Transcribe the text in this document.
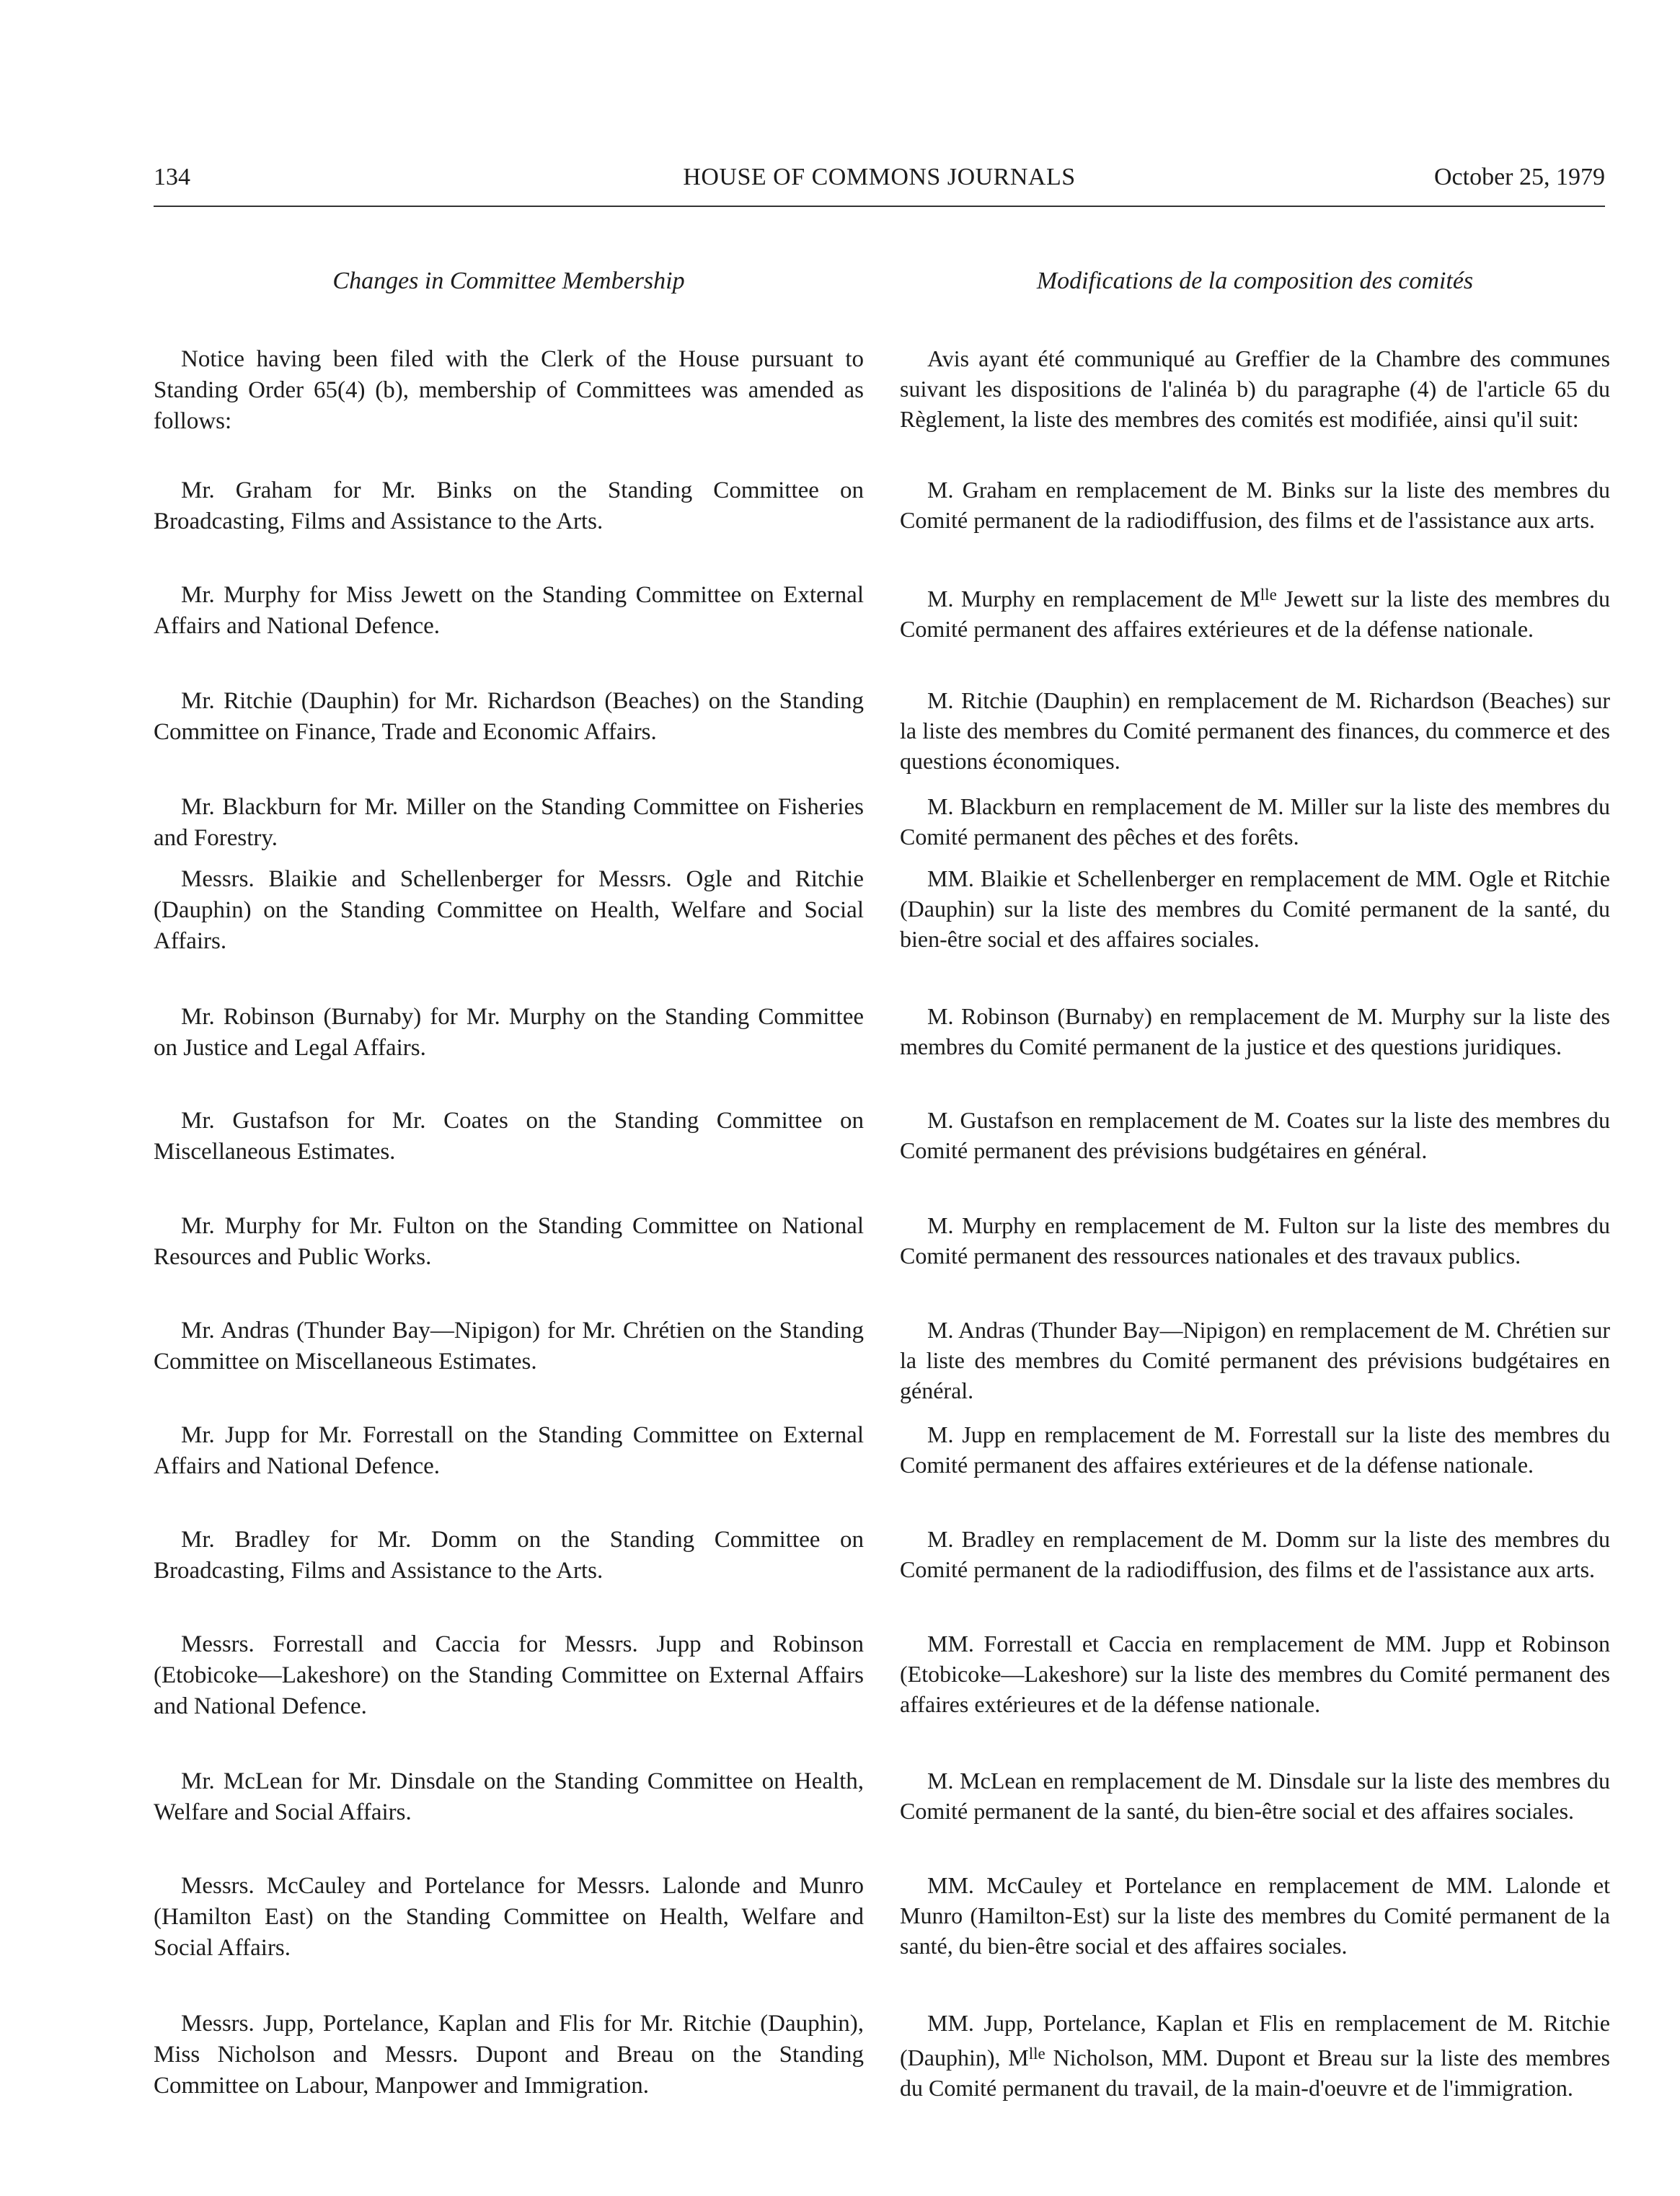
134	HOUSE OF COMMONS JOURNALS	October 25, 1979

Changes in Committee Membership

Notice having been filed with the Clerk of the House pursuant to Standing Order 65(4) (b), membership of Committees was amended as follows:

Mr. Graham for Mr. Binks on the Standing Committee on Broadcasting, Films and Assistance to the Arts.

Mr. Murphy for Miss Jewett on the Standing Committee on External Affairs and National Defence.

Mr. Ritchie (Dauphin) for Mr. Richardson (Beaches) on the Standing Committee on Finance, Trade and Economic Affairs.

Mr. Blackburn for Mr. Miller on the Standing Committee on Fisheries and Forestry.

Messrs. Blaikie and Schellenberger for Messrs. Ogle and Ritchie (Dauphin) on the Standing Committee on Health, Welfare and Social Affairs.

Mr. Robinson (Burnaby) for Mr. Murphy on the Standing Committee on Justice and Legal Affairs.

Mr. Gustafson for Mr. Coates on the Standing Committee on Miscellaneous Estimates.

Mr. Murphy for Mr. Fulton on the Standing Committee on National Resources and Public Works.

Mr. Andras (Thunder Bay—Nipigon) for Mr. Chrétien on the Standing Committee on Miscellaneous Estimates.

Mr. Jupp for Mr. Forrestall on the Standing Committee on External Affairs and National Defence.

Mr. Bradley for Mr. Domm on the Standing Committee on Broadcasting, Films and Assistance to the Arts.

Messrs. Forrestall and Caccia for Messrs. Jupp and Robinson (Etobicoke—Lakeshore) on the Standing Committee on External Affairs and National Defence.

Mr. McLean for Mr. Dinsdale on the Standing Committee on Health, Welfare and Social Affairs.

Messrs. McCauley and Portelance for Messrs. Lalonde and Munro (Hamilton East) on the Standing Committee on Health, Welfare and Social Affairs.

Messrs. Jupp, Portelance, Kaplan and Flis for Mr. Ritchie (Dauphin), Miss Nicholson and Messrs. Dupont and Breau on the Standing Committee on Labour, Manpower and Immigration.

Modifications de la composition des comités

Avis ayant été communiqué au Greffier de la Chambre des communes suivant les dispositions de l'alinéa b) du paragraphe (4) de l'article 65 du Règlement, la liste des membres des comités est modifiée, ainsi qu'il suit:

M. Graham en remplacement de M. Binks sur la liste des membres du Comité permanent de la radiodiffusion, des films et de l'assistance aux arts.

M. Murphy en remplacement de $M^{lle}$ Jewett sur la liste des membres du Comité permanent des affaires extérieures et de la défense nationale.

M. Ritchie (Dauphin) en remplacement de M. Richardson (Beaches) sur la liste des membres du Comité permanent des finances, du commerce et des questions économiques.

M. Blackburn en remplacement de M. Miller sur la liste des membres du Comité permanent des pêches et des forêts.

MM. Blaikie et Schellenberger en remplacement de MM. Ogle et Ritchie (Dauphin) sur la liste des membres du Comité permanent de la santé, du bien-être social et des affaires sociales.

M. Robinson (Burnaby) en remplacement de M. Murphy sur la liste des membres du Comité permanent de la justice et des questions juridiques.

M. Gustafson en remplacement de M. Coates sur la liste des membres du Comité permanent des prévisions budgétaires en général.

M. Murphy en remplacement de M. Fulton sur la liste des membres du Comité permanent des ressources nationales et des travaux publics.

M. Andras (Thunder Bay—Nipigon) en remplacement de M. Chrétien sur la liste des membres du Comité permanent des prévisions budgétaires en général.

M. Jupp en remplacement de M. Forrestall sur la liste des membres du Comité permanent des affaires extérieures et de la défense nationale.

M. Bradley en remplacement de M. Domm sur la liste des membres du Comité permanent de la radiodiffusion, des films et de l'assistance aux arts.

MM. Forrestall et Caccia en remplacement de MM. Jupp et Robinson (Etobicoke—Lakeshore) sur la liste des membres du Comité permanent des affaires extérieures et de la défense nationale.

M. McLean en remplacement de M. Dinsdale sur la liste des membres du Comité permanent de la santé, du bien-être social et des affaires sociales.

MM. McCauley et Portelance en remplacement de MM. Lalonde et Munro (Hamilton-Est) sur la liste des membres du Comité permanent de la santé, du bien-être social et des affaires sociales.

MM. Jupp, Portelance, Kaplan et Flis en remplacement de M. Ritchie (Dauphin), $M^{lle}$ Nicholson, MM. Dupont et Breau sur la liste des membres du Comité permanent du travail, de la main-d'oeuvre et de l'immigration.
